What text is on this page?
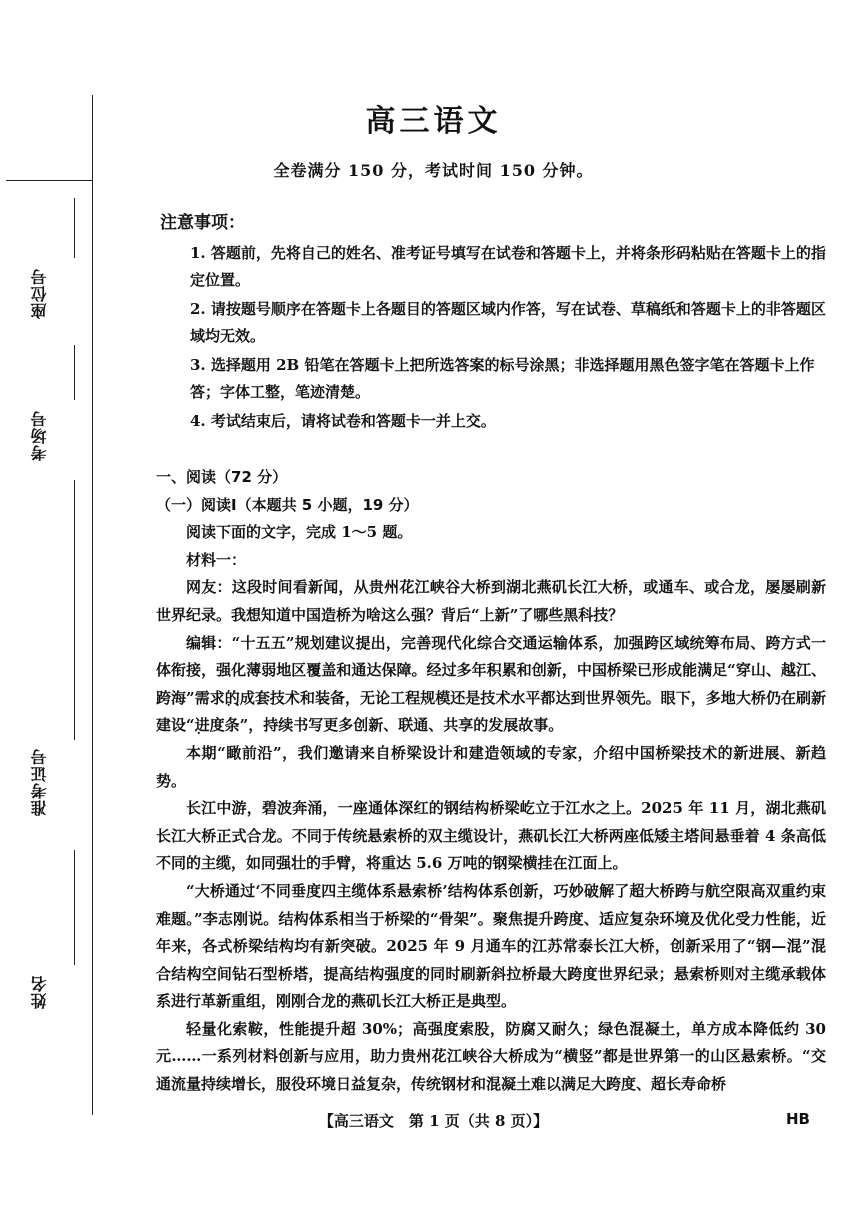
座位号
考场号
准考证号
姓名
高三语文
全卷满分 150 分，考试时间 150 分钟。
注意事项：
1. 答题前，先将自己的姓名、准考证号填写在试卷和答题卡上，并将条形码粘贴在答题卡上的指定位置。
2. 请按题号顺序在答题卡上各题目的答题区域内作答，写在试卷、草稿纸和答题卡上的非答题区域均无效。
3. 选择题用 2B 铅笔在答题卡上把所选答案的标号涂黑；非选择题用黑色签字笔在答题卡上作答；字体工整，笔迹清楚。
4. 考试结束后，请将试卷和答题卡一并上交。
一、阅读（72 分）
（一）阅读Ⅰ（本题共 5 小题，19 分）

阅读下面的文字，完成 1～5 题。

材料一：

网友：这段时间看新闻，从贵州花江峡谷大桥到湖北燕矶长江大桥，或通车、或合龙，屡屡刷新世界纪录。我想知道中国造桥为啥这么强？背后“上新”了哪些黑科技？

编辑：“十五五”规划建议提出，完善现代化综合交通运输体系，加强跨区域统筹布局、跨方式一体衔接，强化薄弱地区覆盖和通达保障。经过多年积累和创新，中国桥梁已形成能满足“穿山、越江、跨海”需求的成套技术和装备，无论工程规模还是技术水平都达到世界领先。眼下，多地大桥仍在刷新建设“进度条 · · ·”，持续书写更多创新、联通、共享的发展故事。

本期“瞰前沿”，我们邀请来自桥梁设计和建造领域的专家，介绍中国桥梁技术的新进展、新趋势。

长江中游，碧波奔涌，一座通体深红的钢结构桥梁屹立于江水之上。2025 年 11 月，湖北燕矶长江大桥正式合龙。不同于传统悬索桥的双主缆设计，燕矶长江大桥两座低矮主塔间悬垂着 4 条高低不同的主缆，如同强壮的手臂，将重达 5.6 万吨的钢梁横挂在江面上。

“大桥通过‘不同垂度四主缆体系悬索桥’结构体系创新，巧妙破解了超大桥跨与航空限高双重约束难题。”李志刚说。结构体系相当于桥梁的“骨架”。聚焦提升跨度、适应复杂环境及优化受力性能，近年来，各式桥梁结构均有新突破。2025 年 9 月通车的江苏常泰长江大桥，创新采用了“钢—混”混合结构空间钻石型桥塔，提高结构强度的同时刷新斜拉桥最大跨度世界纪录；悬索桥则对主缆承载体系进行革新重组，刚刚合龙的燕矶长江大桥正是典型。

轻量化索鞍，性能提升超 30%；高强度索股，防腐又耐久；绿色混凝土，单方成本降低约 30 元……一系列材料创新与应用，助力贵州花江峡谷大桥成为“横竖”都是世界第一的山区悬索桥。“交通流量持续增长，服役环境日益复杂，传统钢材和混凝土难以满足大跨度、超长寿命桥

【高三语文　第 1 页（共 8 页）】	HB
